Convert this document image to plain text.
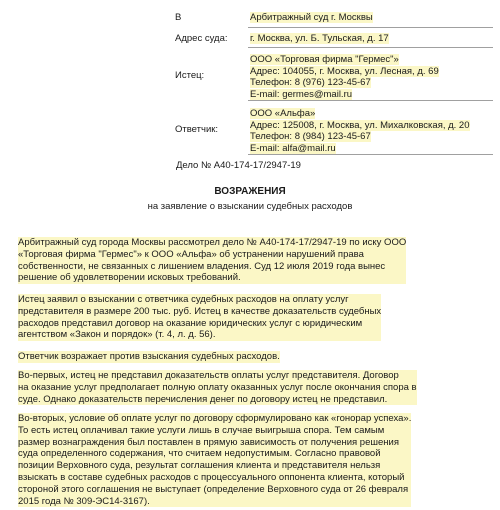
В	Арбитражный суд г. Москвы
Адрес суда: г. Москва, ул. Б. Тульская, д. 17
Истец:
ООО «Торговая фирма "Гермес"»
Адрес: 104055, г. Москва, ул. Лесная, д. 69
Телефон: 8 (976) 123-45-67
E-mail: germes@mail.ru
Ответчик:
ООО «Альфа»
Адрес: 125008, г. Москва, ул. Михалковская, д. 20
Телефон: 8 (984) 123-45-67
E-mail: alfa@mail.ru
Дело № А40-174-17/2947-19
ВОЗРАЖЕНИЯ
на заявление о взыскании судебных расходов
Арбитражный суд города Москвы рассмотрел дело № А40-174-17/2947-19 по иску ООО
«Торговая фирма "Гермес"» к ООО «Альфа» об устранении нарушений права
собственности, не связанных с лишением владения. Суд 12 июля 2019 года вынес
решение об удовлетворении исковых требований.
Истец заявил о взыскании с ответчика судебных расходов на оплату услуг
представителя в размере 200 тыс. руб. Истец в качестве доказательств судебных
расходов представил договор на оказание юридических услуг с юридическим
агентством «Закон и порядок» (т. 4, л. д. 56).
Ответчик возражает против взыскания судебных расходов.
Во-первых, истец не представил доказательств оплаты услуг представителя. Договор
на оказание услуг предполагает полную оплату оказанных услуг после окончания спора в
суде. Однако доказательств перечисления денег по договору истец не представил.
Во-вторых, условие об оплате услуг по договору сформулировано как «гонорар успеха».
То есть истец оплачивал такие услуги лишь в случае выигрыша спора. Тем самым
размер вознаграждения был поставлен в прямую зависимость от получения решения
суда определенного содержания, что считаем недопустимым. Согласно правовой
позиции Верховного суда, результат соглашения клиента и представителя нельзя
взыскать в составе судебных расходов с процессуального оппонента клиента, который
стороной этого соглашения не выступает (определение Верховного суда от 26 февраля
2015 года № 309-ЭС14-3167).
